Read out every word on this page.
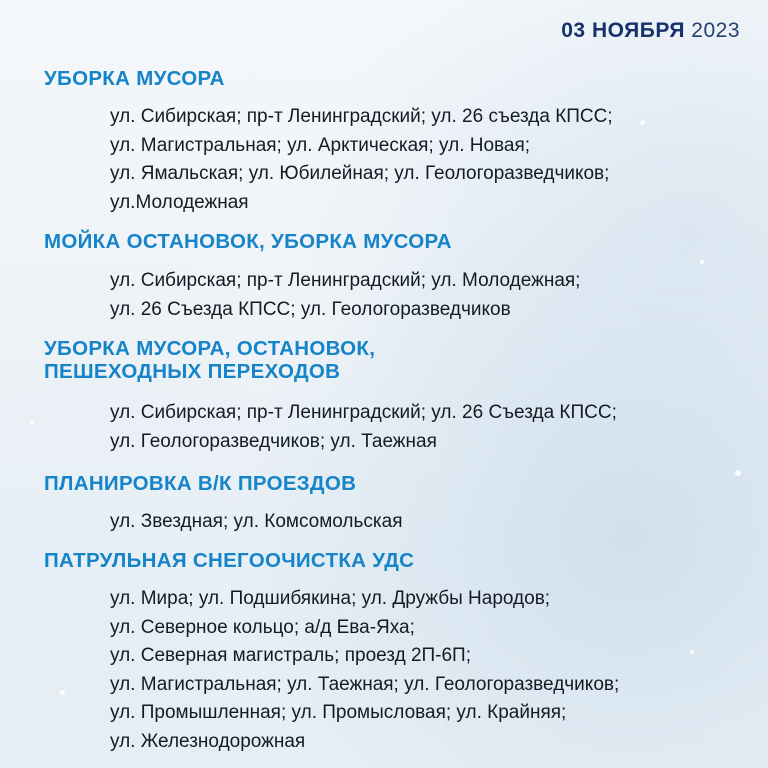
03 НОЯБРЯ 2023
УБОРКА МУСОРА
ул. Сибирская; пр-т Ленинградский; ул. 26 съезда КПСС;
ул. Магистральная; ул. Арктическая; ул. Новая;
ул. Ямальская; ул. Юбилейная; ул. Геологоразведчиков;
ул.Молодежная
МОЙКА ОСТАНОВОК, УБОРКА МУСОРА
ул. Сибирская; пр-т Ленинградский; ул. Молодежная;
ул. 26 Съезда КПСС; ул. Геологоразведчиков
УБОРКА МУСОРА, ОСТАНОВОК,
ПЕШЕХОДНЫХ ПЕРЕХОДОВ
ул. Сибирская; пр-т Ленинградский; ул. 26 Съезда КПСС;
ул. Геологоразведчиков; ул. Таежная
ПЛАНИРОВКА В/К ПРОЕЗДОВ
ул. Звездная; ул. Комсомольская
ПАТРУЛЬНАЯ СНЕГООЧИСТКА УДС
ул. Мира; ул. Подшибякина; ул. Дружбы Народов;
ул. Северное кольцо; а/д Ева-Яха;
ул. Северная магистраль; проезд 2П-6П;
ул. Магистральная; ул. Таежная; ул. Геологоразведчиков;
ул. Промышленная; ул. Промысловая; ул. Крайняя;
ул. Железнодорожная
